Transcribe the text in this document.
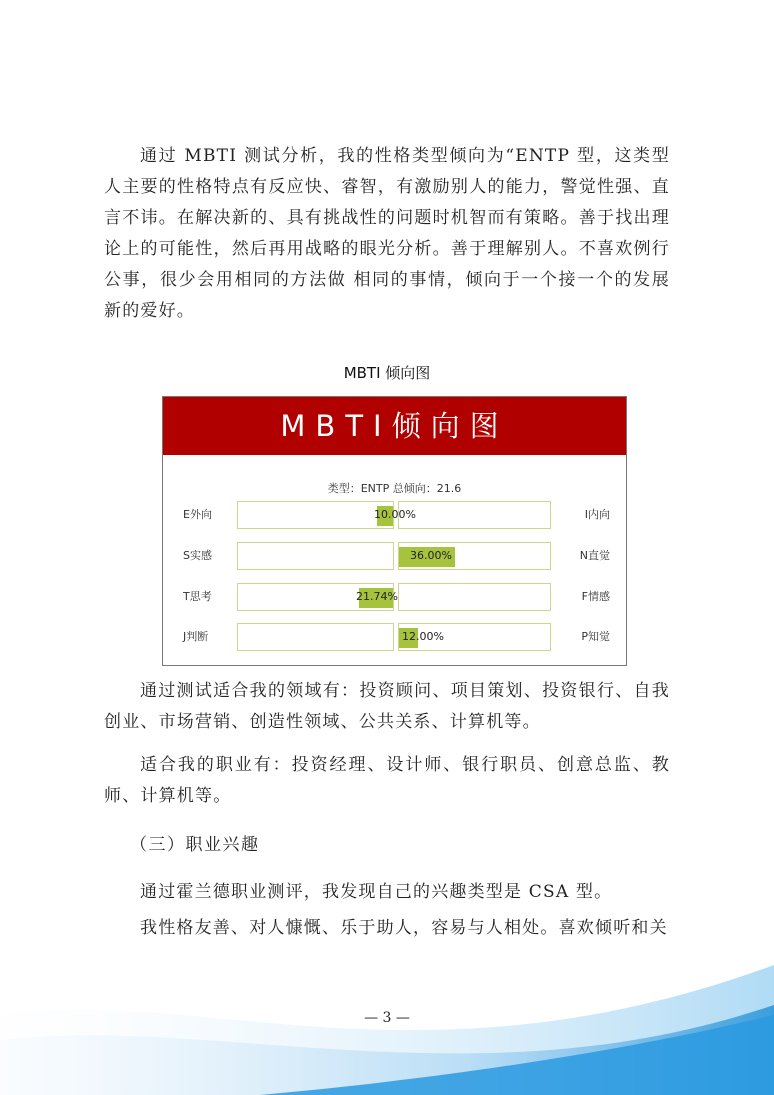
通过 MBTI 测试分析，我的性格类型倾向为“ENTP 型，这类型人主要的性格特点有反应快、睿智，有激励别人的能力，警觉性强、直言不讳。在解决新的、具有挑战性的问题时机智而有策略。善于找出理论上的可能性，然后再用战略的眼光分析。善于理解别人。不喜欢例行公事，很少会用相同的方法做 相同的事情，倾向于一个接一个的发展新的爱好。

MBTI 倾向图
MBTI倾向图
类型：ENTP 总倾向：21.6
E外向	10.00%	I内向
S实感	36.00%	N直觉
T思考	21.74%	F情感
J判断	12.00%	P知觉

通过测试适合我的领域有：投资顾问、项目策划、投资银行、自我创业、市场营销、创造性领域、公共关系、计算机等。

适合我的职业有：投资经理、设计师、银行职员、创意总监、教师、计算机等。

（三）职业兴趣

通过霍兰德职业测评，我发现自己的兴趣类型是 CSA 型。

我性格友善、对人慷慨、乐于助人，容易与人相处。喜欢倾听和关

— 3 —
